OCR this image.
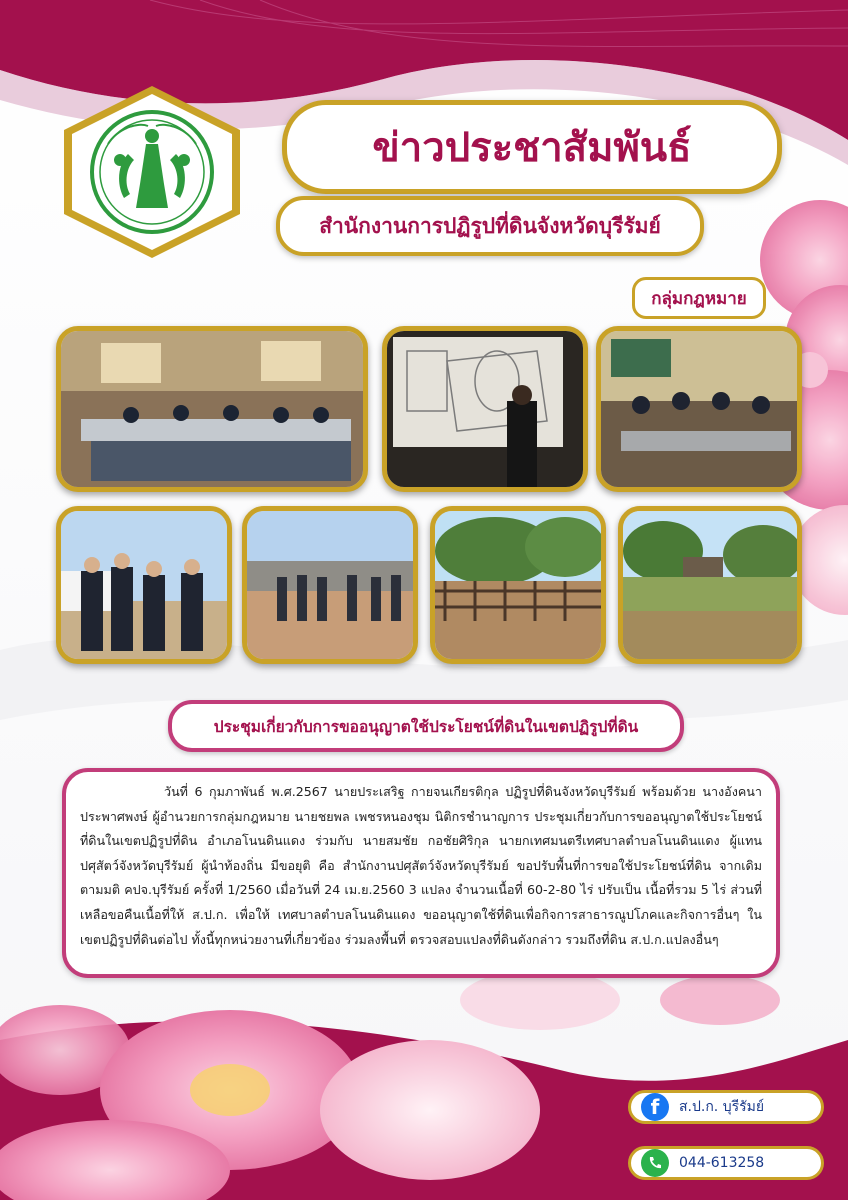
ข่าวประชาสัมพันธ์
สำนักงานการปฏิรูปที่ดินจังหวัดบุรีรัมย์
กลุ่มกฎหมาย
ประชุมเกี่ยวกับการขออนุญาตใช้ประโยชน์ที่ดินในเขตปฏิรูปที่ดิน

วันที่ 6 กุมภาพันธ์ พ.ศ.2567 นายประเสริฐ กายจนเกียรติกุล ปฏิรูปที่ดินจังหวัดบุรีรัมย์ พร้อมด้วย นางอังคนา ประพาศพงษ์ ผู้อำนวยการกลุ่มกฎหมาย นายชยพล เพชรหนองชุม นิติกรชำนาญการ ประชุมเกี่ยวกับการขออนุญาตใช้ประโยชน์ที่ดินในเขตปฏิรูปที่ดิน อำเภอโนนดินแดง ร่วมกับ นายสมชัย กอชัยศิริกุล นายกเทศมนตรีเทศบาลตำบลโนนดินแดง ผู้แทนปศุสัตว์จังหวัดบุรีรัมย์ ผู้นำท้องถิ่น มีขอยุติ คือ สำนักงานปศุสัตว์จังหวัดบุรีรัมย์ ขอปรับพื้นที่การขอใช้ประโยชน์ที่ดิน จากเดิม ตามมติ คปจ.บุรีรัมย์ ครั้งที่ 1/2560 เมื่อวันที่ 24 เม.ย.2560 3 แปลง จำนวนเนื้อที่ 60-2-80 ไร่ ปรับเป็น เนื้อที่รวม 5 ไร่ ส่วนที่เหลือขอคืนเนื้อที่ให้ ส.ป.ก. เพื่อให้ เทศบาลตำบลโนนดินแดง ขออนุญาตใช้ที่ดินเพื่อกิจการสาธารณูปโภคและกิจการอื่นๆ ในเขตปฏิรูปที่ดินต่อไป ทั้งนี้ทุกหน่วยงานที่เกี่ยวข้อง ร่วมลงพื้นที่ ตรวจสอบแปลงที่ดินดังกล่าว รวมถึงที่ดิน ส.ป.ก.แปลงอื่นๆ

f	ส.ป.ก. บุรีรัมย์
044-613258
